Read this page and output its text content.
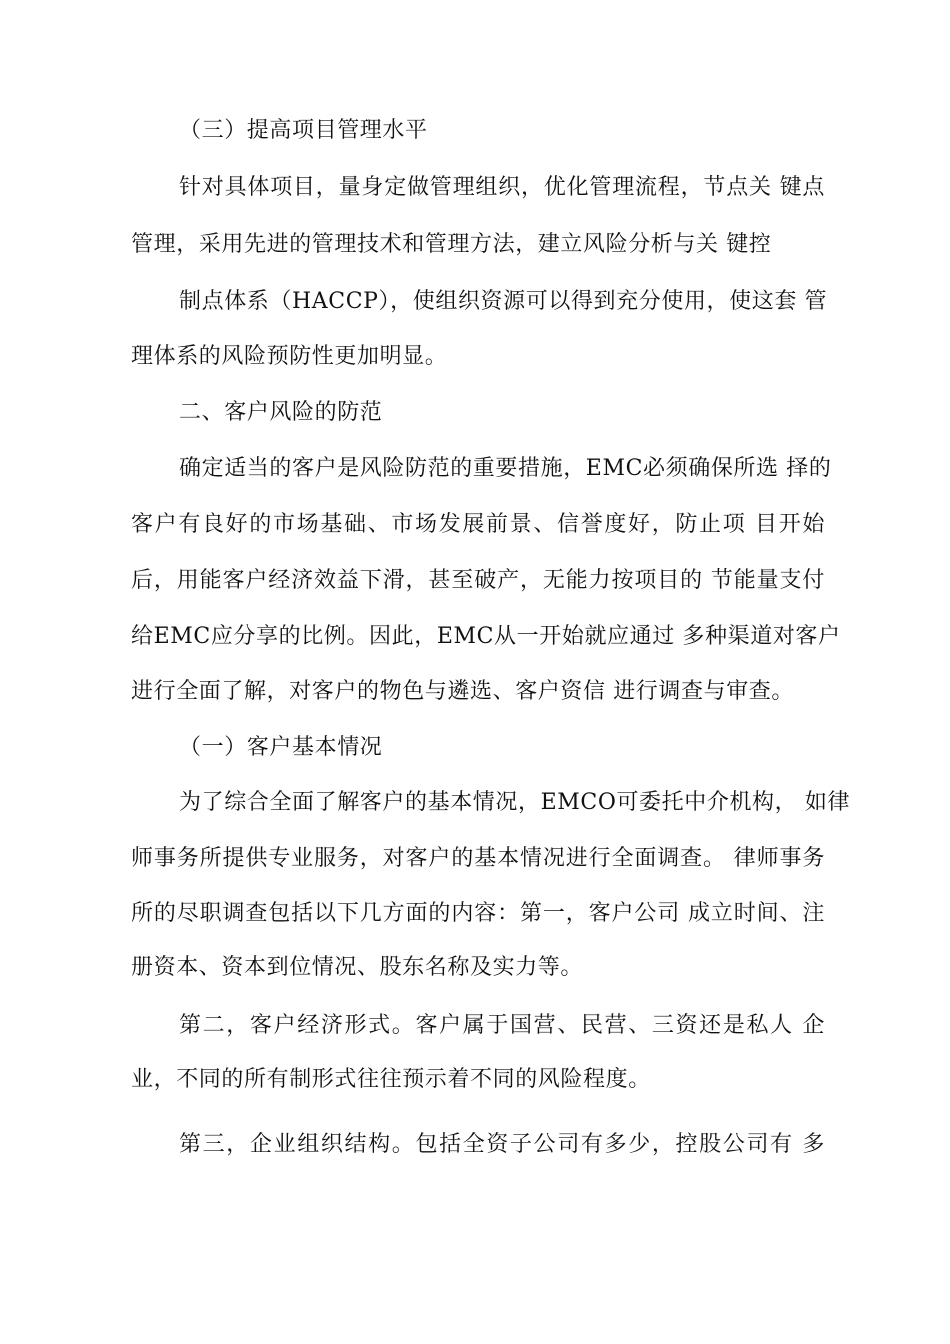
（三）提高项目管理水平
针对具体项目，量身定做管理组织，优化管理流程，节点关 键点
管理，采用先进的管理技术和管理方法，建立风险分析与关 键控
制点体系（HACCP），使组织资源可以得到充分使用，使这套 管
理体系的风险预防性更加明显。
二、客户风险的防范
确定适当的客户是风险防范的重要措施，EMC必须确保所选 择的
客户有良好的市场基础、市场发展前景、信誉度好，防止项 目开始
后，用能客户经济效益下滑，甚至破产，无能力按项目的 节能量支付
给EMC应分享的比例。因此，EMC从一开始就应通过 多种渠道对客户
进行全面了解，对客户的物色与遴选、客户资信 进行调查与审查。
（一）客户基本情况
为了综合全面了解客户的基本情况，EMCO可委托中介机构， 如律
师事务所提供专业服务，对客户的基本情况进行全面调查。 律师事务
所的尽职调查包括以下几方面的内容：第一，客户公司 成立时间、注
册资本、资本到位情况、股东名称及实力等。
第二，客户经济形式。客户属于国营、民营、三资还是私人 企
业，不同的所有制形式往往预示着不同的风险程度。
第三，企业组织结构。包括全资子公司有多少，控股公司有 多
